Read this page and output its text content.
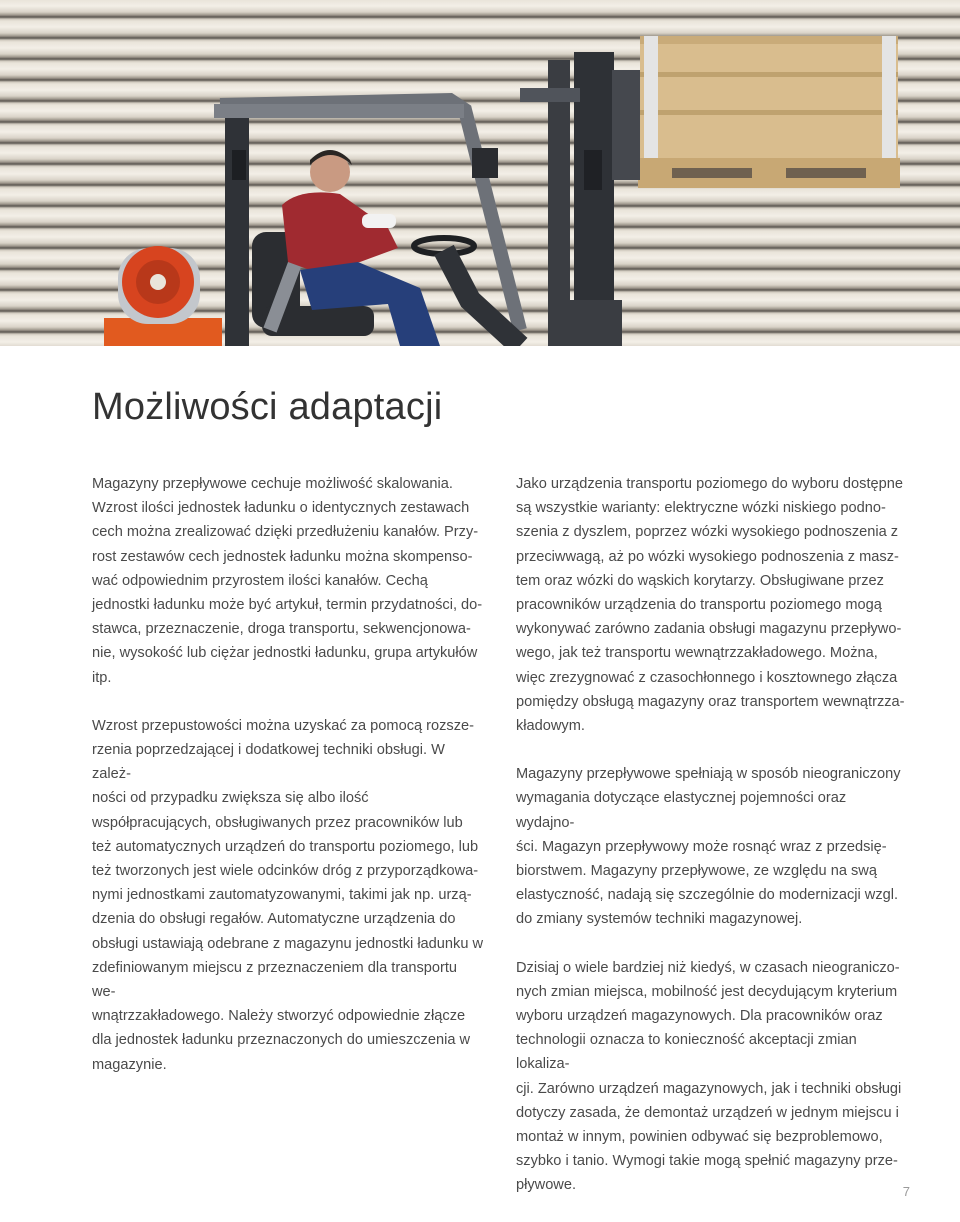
Możliwości adaptacji

Magazyny przepływowe cechuje możliwość skalowania.
Wzrost ilości jednostek ładunku o identycznych zestawach
cech można zrealizować dzięki przedłużeniu kanałów. Przy-
rost zestawów cech jednostek ładunku można skompenso-
wać odpowiednim przyrostem ilości kanałów. Cechą
jednostki ładunku może być artykuł, termin przydatności, do-
stawca, przeznaczenie, droga transportu, sekwencjonowa-
nie, wysokość lub ciężar jednostki ładunku, grupa artykułów
itp.

Wzrost przepustowości można uzyskać za pomocą rozsze-
rzenia poprzedzającej i dodatkowej techniki obsługi. W zależ-
ności od przypadku zwiększa się albo ilość
współpracujących, obsługiwanych przez pracowników lub
też automatycznych urządzeń do transportu poziomego, lub
też tworzonych jest wiele odcinków dróg z przyporządkowa-
nymi jednostkami zautomatyzowanymi, takimi jak np. urzą-
dzenia do obsługi regałów. Automatyczne urządzenia do
obsługi ustawiają odebrane z magazynu jednostki ładunku w
zdefiniowanym miejscu z przeznaczeniem dla transportu we-
wnątrzzakładowego. Należy stworzyć odpowiednie złącze
dla jednostek ładunku przeznaczonych do umieszczenia w
magazynie.

Jako urządzenia transportu poziomego do wyboru dostępne
są wszystkie warianty: elektryczne wózki niskiego podno-
szenia z dyszlem, poprzez wózki wysokiego podnoszenia z
przeciwwagą, aż po wózki wysokiego podnoszenia z masz-
tem oraz wózki do wąskich korytarzy. Obsługiwane przez
pracowników urządzenia do transportu poziomego mogą
wykonywać zarówno zadania obsługi magazynu przepływo-
wego, jak też transportu wewnątrzzakładowego. Można,
więc zrezygnować z czasochłonnego i kosztownego złącza
pomiędzy obsługą magazyny oraz transportem wewnątrzza-
kładowym.

Magazyny przepływowe spełniają w sposób nieograniczony
wymagania dotyczące elastycznej pojemności oraz wydajno-
ści. Magazyn przepływowy może rosnąć wraz z przedsię-
biorstwem. Magazyny przepływowe, ze względu na swą
elastyczność, nadają się szczególnie do modernizacji wzgl.
do zmiany systemów techniki magazynowej.

Dzisiaj o wiele bardziej niż kiedyś, w czasach nieograniczo-
nych zmian miejsca, mobilność jest decydującym kryterium
wyboru urządzeń magazynowych. Dla pracowników oraz
technologii oznacza to konieczność akceptacji zmian lokaliza-
cji. Zarówno urządzeń magazynowych, jak i techniki obsługi
dotyczy zasada, że demontaż urządzeń w jednym miejscu i
montaż w innym, powinien odbywać się bezproblemowo,
szybko i tanio. Wymogi takie mogą spełnić magazyny prze-
pływowe.	7
